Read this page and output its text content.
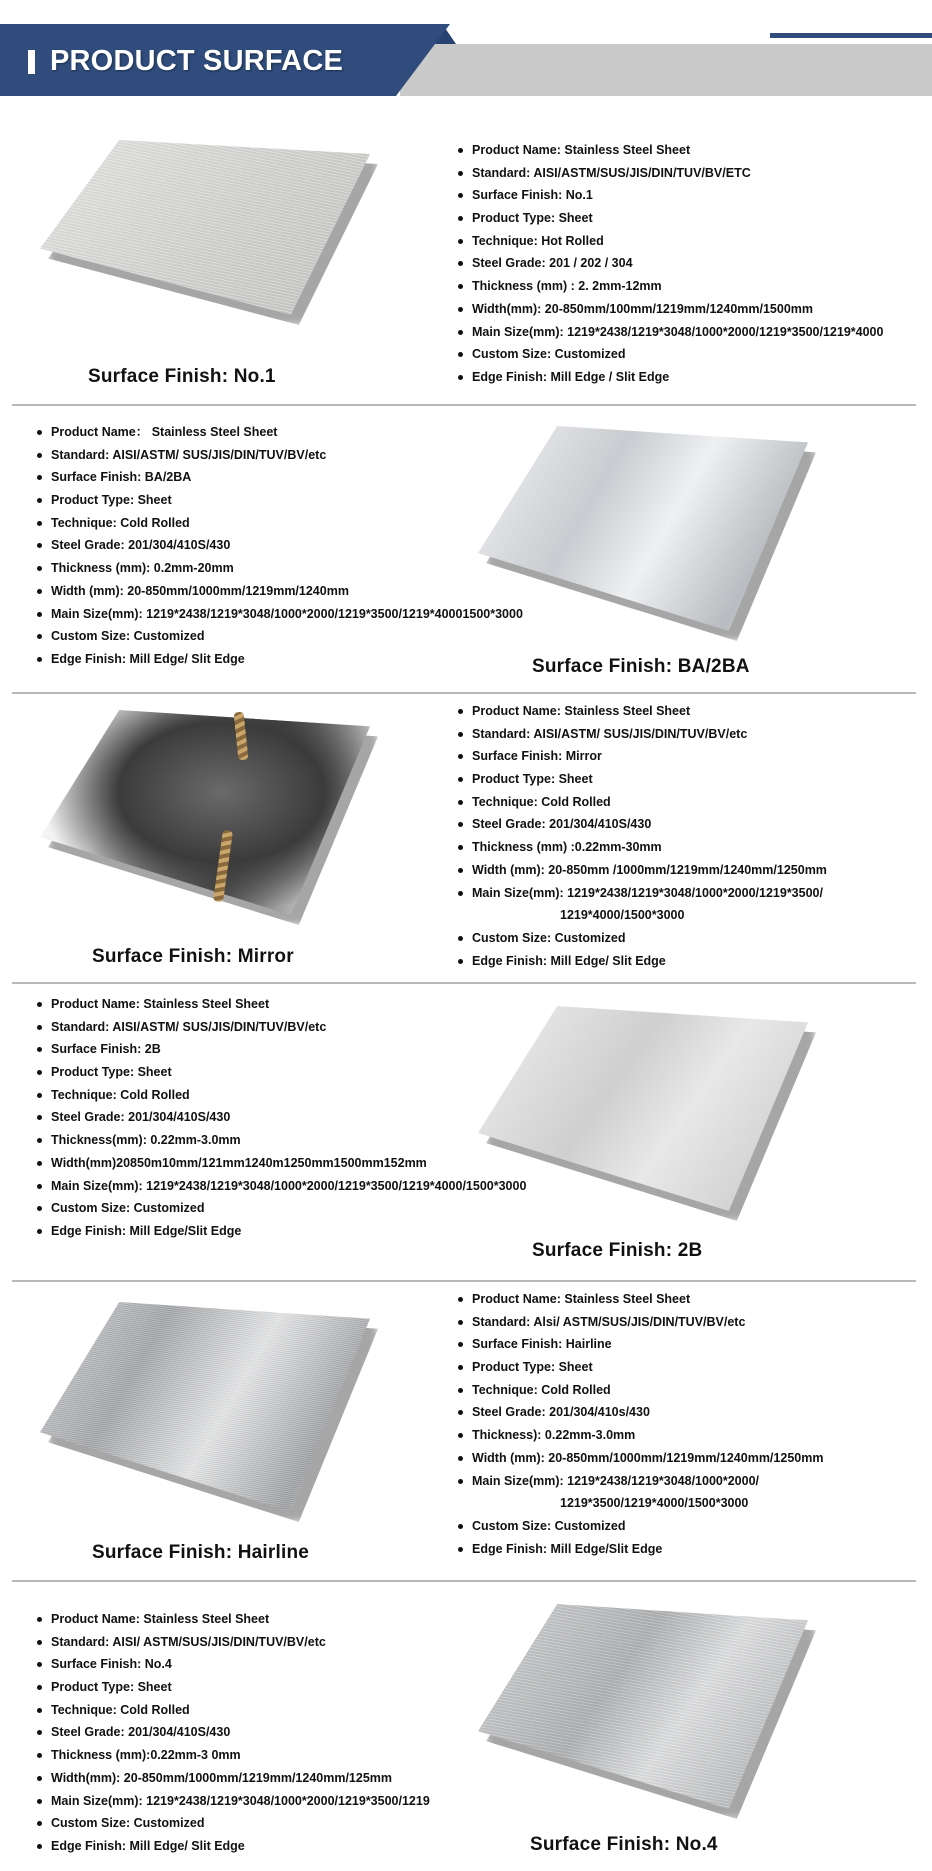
PRODUCT SURFACE
Surface Finish: No.1
Product Name: Stainless Steel Sheet
Standard: AISI/ASTM/SUS/JIS/DIN/TUV/BV/ETC
Surface Finish: No.1
Product Type: Sheet
Technique: Hot Rolled
Steel Grade: 201 / 202 / 304
Thickness (mm) : 2. 2mm-12mm
Width(mm): 20-850mm/100mm/1219mm/1240mm/1500mm
Main Size(mm): 1219*2438/1219*3048/1000*2000/1219*3500/1219*4000
Custom Size: Customized
Edge Finish: Mill Edge / Slit Edge
Product Name： Stainless Steel Sheet
Standard: AISI/ASTM/ SUS/JIS/DIN/TUV/BV/etc
Surface Finish: BA/2BA
Product Type: Sheet
Technique: Cold Rolled
Steel Grade: 201/304/410S/430
Thickness (mm): 0.2mm-20mm
Width (mm): 20-850mm/1000mm/1219mm/1240mm
Main Size(mm): 1219*2438/1219*3048/1000*2000/1219*3500/1219*40001500*3000
Custom Size: Customized
Edge Finish: Mill Edge/ Slit Edge	Surface Finish: BA/2BA
Surface Finish: Mirror
Product Name: Stainless Steel Sheet
Standard: AISI/ASTM/ SUS/JIS/DIN/TUV/BV/etc
Surface Finish: Mirror
Product Type: Sheet
Technique: Cold Rolled
Steel Grade: 201/304/410S/430
Thickness (mm) :0.22mm-30mm
Width (mm): 20-850mm /1000mm/1219mm/1240mm/1250mm
Main Size(mm): 1219*2438/1219*3048/1000*2000/1219*3500/
1219*4000/1500*3000
Custom Size: Customized
Edge Finish: Mill Edge/ Slit Edge
Product Name: Stainless Steel Sheet
Standard: AISI/ASTM/ SUS/JIS/DIN/TUV/BV/etc
Surface Finish: 2B
Product Type: Sheet
Technique: Cold Rolled
Steel Grade: 201/304/410S/430
Thickness(mm): 0.22mm-3.0mm
Width(mm)20850m10mm/121mm1240m1250mm1500mm152mm
Main Size(mm): 1219*2438/1219*3048/1000*2000/1219*3500/1219*4000/1500*3000
Custom Size: Customized
Edge Finish: Mill Edge/Slit Edge
Surface Finish: 2B
Surface Finish: Hairline
Product Name: Stainless Steel Sheet
Standard: Alsi/ ASTM/SUS/JIS/DIN/TUV/BV/etc
Surface Finish: Hairline
Product Type: Sheet
Technique: Cold Rolled
Steel Grade: 201/304/410s/430
Thickness): 0.22mm-3.0mm
Width (mm): 20-850mm/1000mm/1219mm/1240mm/1250mm
Main Size(mm): 1219*2438/1219*3048/1000*2000/
1219*3500/1219*4000/1500*3000
Custom Size: Customized
Edge Finish: Mill Edge/Slit Edge
Product Name: Stainless Steel Sheet
Standard: AISI/ ASTM/SUS/JIS/DIN/TUV/BV/etc
Surface Finish: No.4
Product Type: Sheet
Technique: Cold Rolled
Steel Grade: 201/304/410S/430
Thickness (mm):0.22mm-3 0mm
Width(mm): 20-850mm/1000mm/1219mm/1240mm/125mm
Main Size(mm): 1219*2438/1219*3048/1000*2000/1219*3500/1219
Custom Size: Customized
Edge Finish: Mill Edge/ Slit Edge	Surface Finish: No.4
